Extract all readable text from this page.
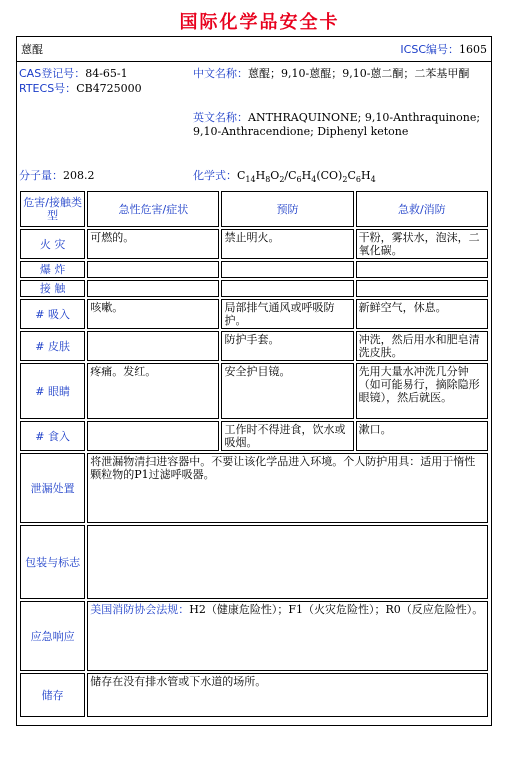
国际化学品安全卡
蒽醌	ICSC编号：1605
CAS登记号：84-65-1
RTECS号：CB4725000
中文名称：蒽醌；9,10-蒽醌；9,10-蒽二酮；二苯基甲酮
英文名称：ANTHRAQUINONE; 9,10-Anthraquinone; 9,10-Anthracendione; Diphenyl ketone
分子量：208.2	化学式：$C_{14}H_8O_2/C_6H_4(CO)_2C_6H_4$
危害/接触类型	急性危害/症状	预防	急救/消防
火 灾	可燃的。	禁止明火。	干粉，雾状水，泡沫，二氧化碳。
爆 炸			
接 触			
# 吸入	咳嗽。	局部排气通风或呼吸防护。	新鲜空气，休息。
# 皮肤		防护手套。	冲洗，然后用水和肥皂清洗皮肤。
# 眼睛	疼痛。发红。	安全护目镜。	先用大量水冲洗几分钟（如可能易行，摘除隐形眼镜），然后就医。
# 食入		工作时不得进食，饮水或吸烟。	漱口。
泄漏处置	将泄漏物清扫进容器中。不要让该化学品进入环境。个人防护用具：适用于惰性颗粒物的P1过滤呼吸器。		
包装与标志			
应急响应	美国消防协会法规：H2（健康危险性）；F1（火灾危险性）；R0（反应危险性）。		
储存	储存在没有排水管或下水道的场所。		
